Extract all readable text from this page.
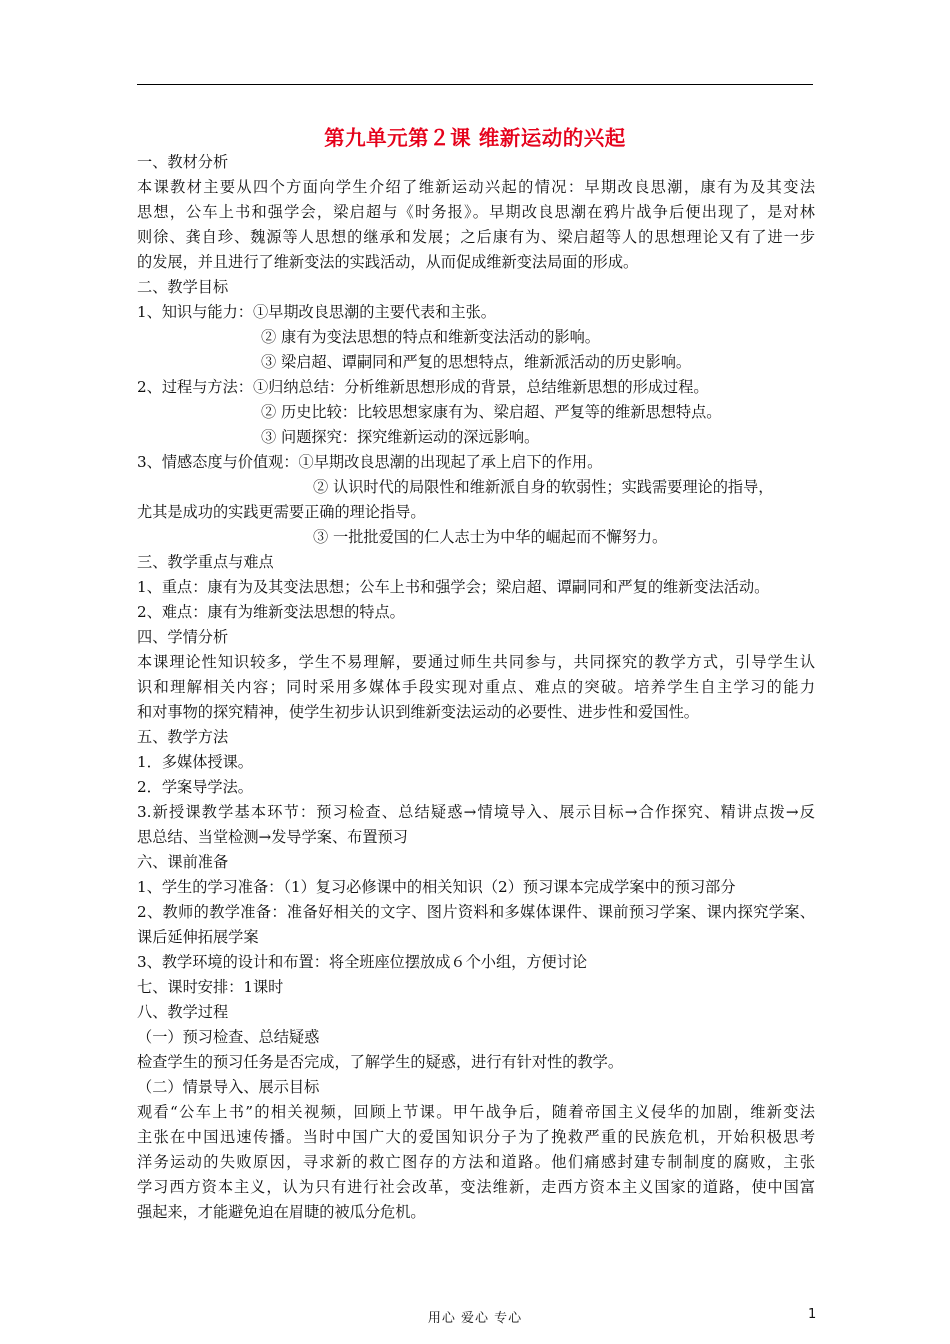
第九单元第２课 维新运动的兴起
一、教材分析
本课教材主要从四个方面向学生介绍了维新运动兴起的情况：早期改良思潮，康有为及其变法
思想，公车上书和强学会，梁启超与《时务报》。早期改良思潮在鸦片战争后便出现了，是对林
则徐、龚自珍、魏源等人思想的继承和发展；之后康有为、梁启超等人的思想理论又有了进一步
的发展，并且进行了维新变法的实践活动，从而促成维新变法局面的形成。
二、教学目标
1、知识与能力：①早期改良思潮的主要代表和主张。
② 康有为变法思想的特点和维新变法活动的影响。
③ 梁启超、谭嗣同和严复的思想特点，维新派活动的历史影响。
2、过程与方法：①归纳总结：分析维新思想形成的背景，总结维新思想的形成过程。
② 历史比较：比较思想家康有为、梁启超、严复等的维新思想特点。
③ 问题探究：探究维新运动的深远影响。
3、情感态度与价值观：①早期改良思潮的出现起了承上启下的作用。
② 认识时代的局限性和维新派自身的软弱性；实践需要理论的指导，
尤其是成功的实践更需要正确的理论指导。
③ 一批批爱国的仁人志士为中华的崛起而不懈努力。
三、教学重点与难点
1、重点：康有为及其变法思想；公车上书和强学会；梁启超、谭嗣同和严复的维新变法活动。
2、难点：康有为维新变法思想的特点。
四、学情分析
本课理论性知识较多，学生不易理解，要通过师生共同参与，共同探究的教学方式，引导学生认
识和理解相关内容；同时采用多媒体手段实现对重点、难点的突破。培养学生自主学习的能力
和对事物的探究精神，使学生初步认识到维新变法运动的必要性、进步性和爱国性。
五、教学方法
1．多媒体授课。
2．学案导学法。
3.新授课教学基本环节：预习检查、总结疑惑→情境导入、展示目标→合作探究、精讲点拨→反
思总结、当堂检测→发导学案、布置预习
六、课前准备
1、学生的学习准备：（1）复习必修课中的相关知识（2）预习课本完成学案中的预习部分
2、教师的教学准备：准备好相关的文字、图片资料和多媒体课件、课前预习学案、课内探究学案、
课后延伸拓展学案
3、教学环境的设计和布置：将全班座位摆放成６个小组，方便讨论
七、课时安排：1课时
八、教学过程
（一）预习检查、总结疑惑
检查学生的预习任务是否完成，了解学生的疑惑，进行有针对性的教学。
（二）情景导入、展示目标
观看“公车上书”的相关视频，回顾上节课。甲午战争后，随着帝国主义侵华的加剧，维新变法
主张在中国迅速传播。当时中国广大的爱国知识分子为了挽救严重的民族危机，开始积极思考
洋务运动的失败原因，寻求新的救亡图存的方法和道路。他们痛感封建专制制度的腐败，主张
学习西方资本主义，认为只有进行社会改革，变法维新，走西方资本主义国家的道路，使中国富
强起来，才能避免迫在眉睫的被瓜分危机。
用心 爱心 专心	1
